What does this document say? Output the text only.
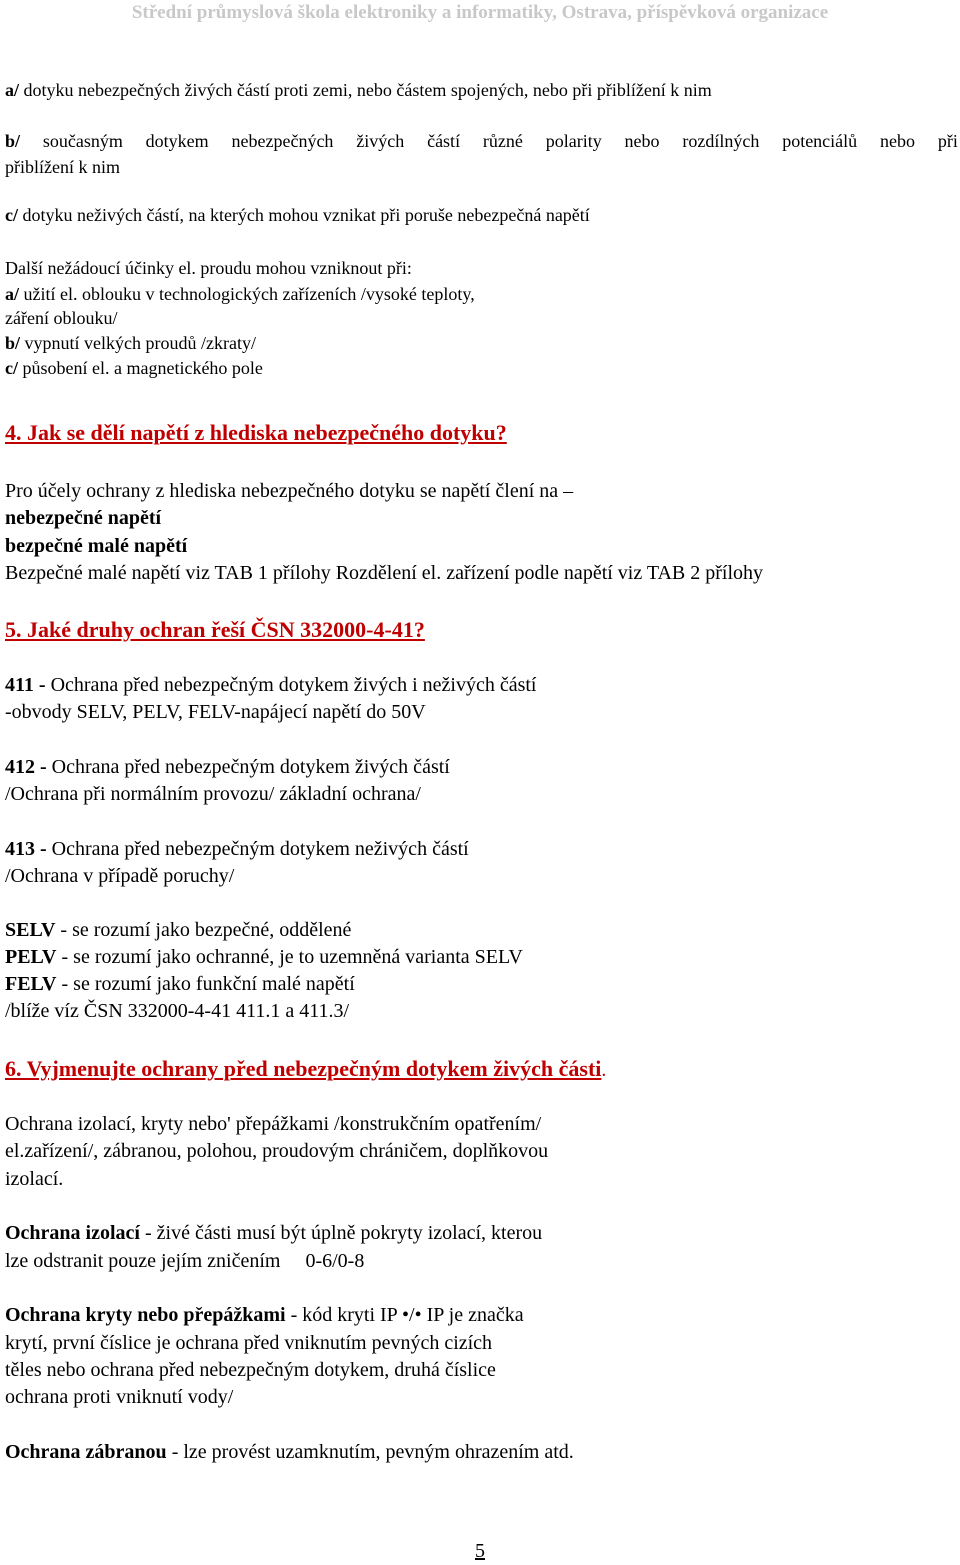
Střední průmyslová škola elektroniky a informatiky, Ostrava, příspěvková organizace
a/ dotyku nebezpečných živých částí proti zemi, nebo částem spojených, nebo při přiblížení k nim
b/ současným dotykem nebezpečných živých částí různé polarity nebo rozdílných potenciálů nebo při
přiblížení k nim
c/ dotyku neživých částí, na kterých mohou vznikat při poruše nebezpečná napětí
Další nežádoucí účinky el. proudu mohou vzniknout při:
a/ užití el. oblouku v technologických zařízeních /vysoké teploty,
záření oblouku/
b/ vypnutí velkých proudů /zkraty/
c/ působení el. a magnetického pole
4. Jak se dělí napětí z hlediska nebezpečného dotyku?
Pro účely ochrany z hlediska nebezpečného dotyku se napětí člení na –
nebezpečné napětí
bezpečné malé napětí
Bezpečné malé napětí viz TAB 1 přílohy Rozdělení el. zařízení podle napětí viz TAB 2 přílohy
5. Jaké druhy ochran řeší ČSN 332000-4-41?
411 - Ochrana před nebezpečným dotykem živých i neživých částí
-obvody SELV, PELV, FELV-napájecí napětí do 50V
412 - Ochrana před nebezpečným dotykem živých částí
/Ochrana při normálním provozu/ základní ochrana/
413 - Ochrana před nebezpečným dotykem neživých částí
/Ochrana v případě poruchy/
SELV - se rozumí jako bezpečné, oddělené
PELV - se rozumí jako ochranné, je to uzemněná varianta SELV
FELV - se rozumí jako funkční malé napětí
/blíže víz ČSN 332000-4-41 411.1 a 411.3/
6. Vyjmenujte ochrany před nebezpečným dotykem živých části.
Ochrana izolací, kryty nebo' přepážkami /konstrukčním opatřením/
el.zařízení/, zábranou, polohou, proudovým chráničem, doplňkovou
izolací.
Ochrana izolací - živé části musí být úplně pokryty izolací, kterou
lze odstranit pouze jejím zničením     0-6/0-8
Ochrana kryty nebo přepážkami - kód kryti IP •/• IP je značka
krytí, první číslice je ochrana před vniknutím pevných cizích
těles nebo ochrana před nebezpečným dotykem, druhá číslice
ochrana proti vniknutí vody/
Ochrana zábranou - lze provést uzamknutím, pevným ohrazením atd.
5
